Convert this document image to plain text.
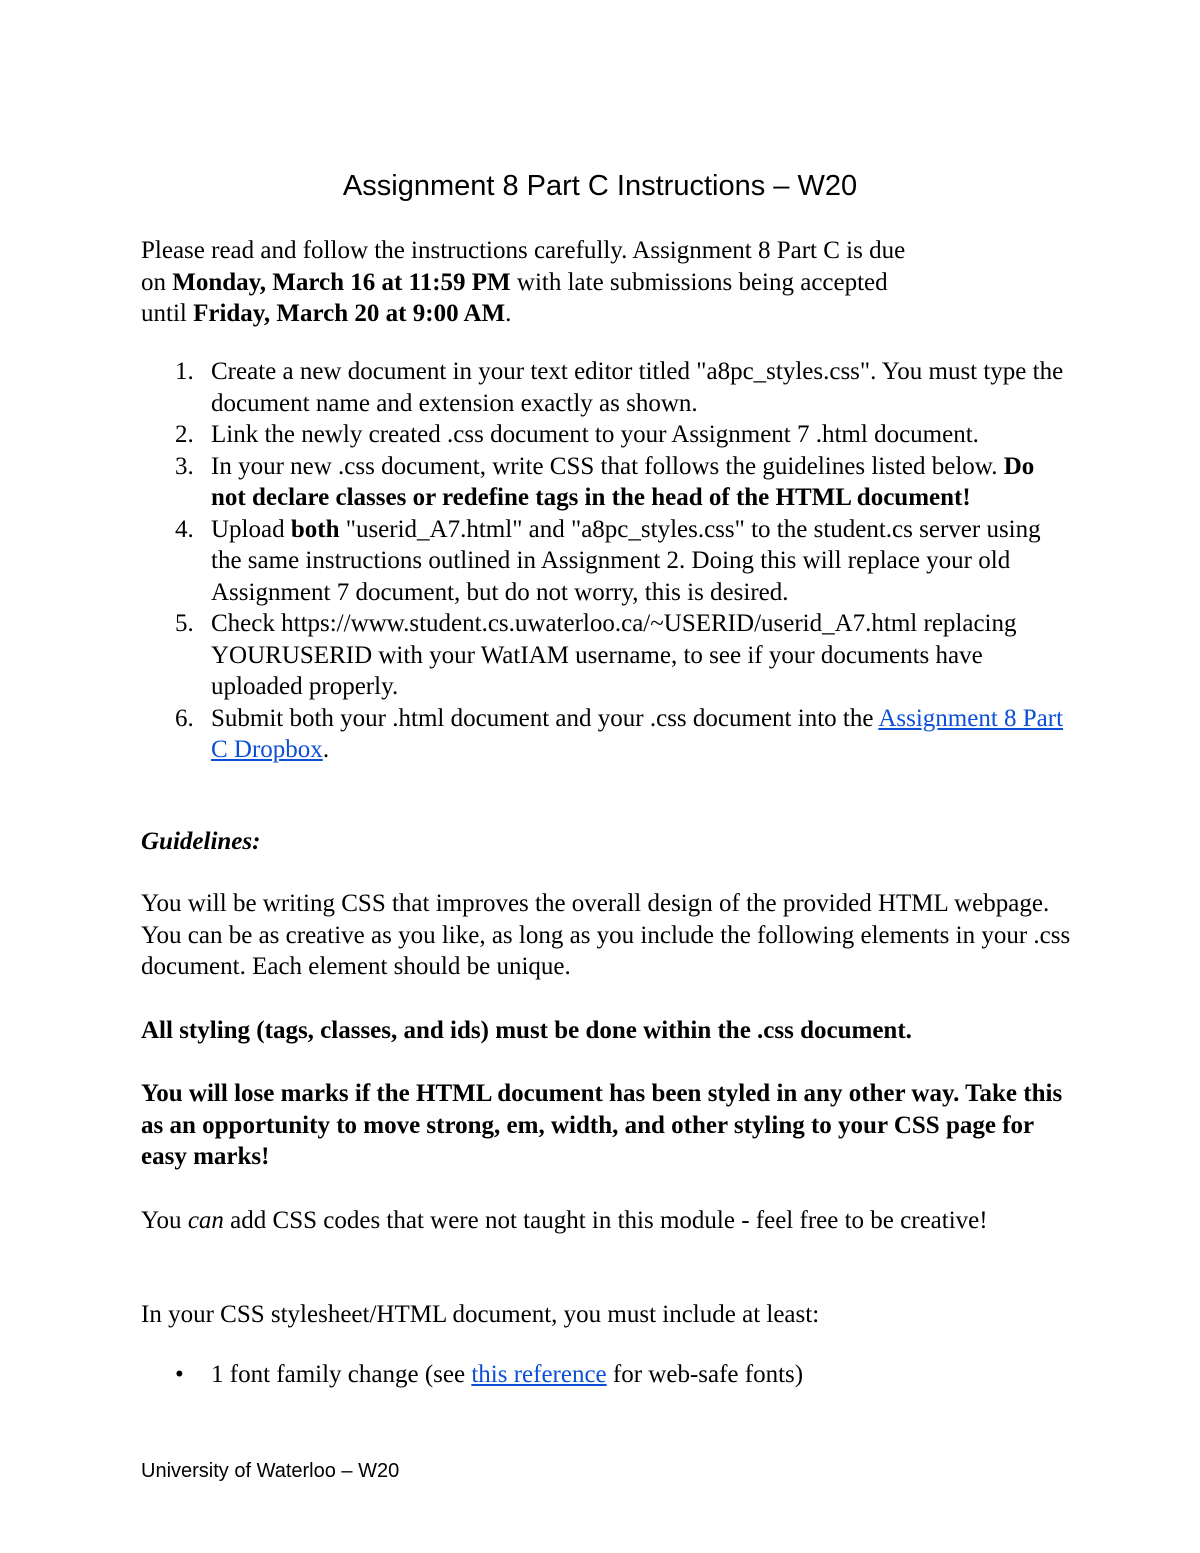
Assignment 8 Part C Instructions – W20

Please read and follow the instructions carefully. Assignment 8 Part C is due
on Monday, March 16 at 11:59 PM with late submissions being accepted
until Friday, March 20 at 9:00 AM.

1. Create a new document in your text editor titled "a8pc_styles.css". You must type the document name and extension exactly as shown.
2. Link the newly created .css document to your Assignment 7 .html document.
3. In your new .css document, write CSS that follows the guidelines listed below. Do not declare classes or redefine tags in the head of the HTML document!
4. Upload both "userid_A7.html" and "a8pc_styles.css" to the student.cs server using the same instructions outlined in Assignment 2. Doing this will replace your old Assignment 7 document, but do not worry, this is desired.
5. Check https://www.student.cs.uwaterloo.ca/~USERID/userid_A7.html replacing YOURUSERID with your WatIAM username, to see if your documents have uploaded properly.
6. Submit both your .html document and your .css document into the Assignment 8 Part C Dropbox.

Guidelines:

You will be writing CSS that improves the overall design of the provided HTML webpage. You can be as creative as you like, as long as you include the following elements in your .css document. Each element should be unique.

All styling (tags, classes, and ids) must be done within the .css document.

You will lose marks if the HTML document has been styled in any other way. Take this as an opportunity to move strong, em, width, and other styling to your CSS page for easy marks!

You can add CSS codes that were not taught in this module - feel free to be creative!

In your CSS stylesheet/HTML document, you must include at least:

• 1 font family change (see this reference for web-safe fonts)
University of Waterloo – W20
